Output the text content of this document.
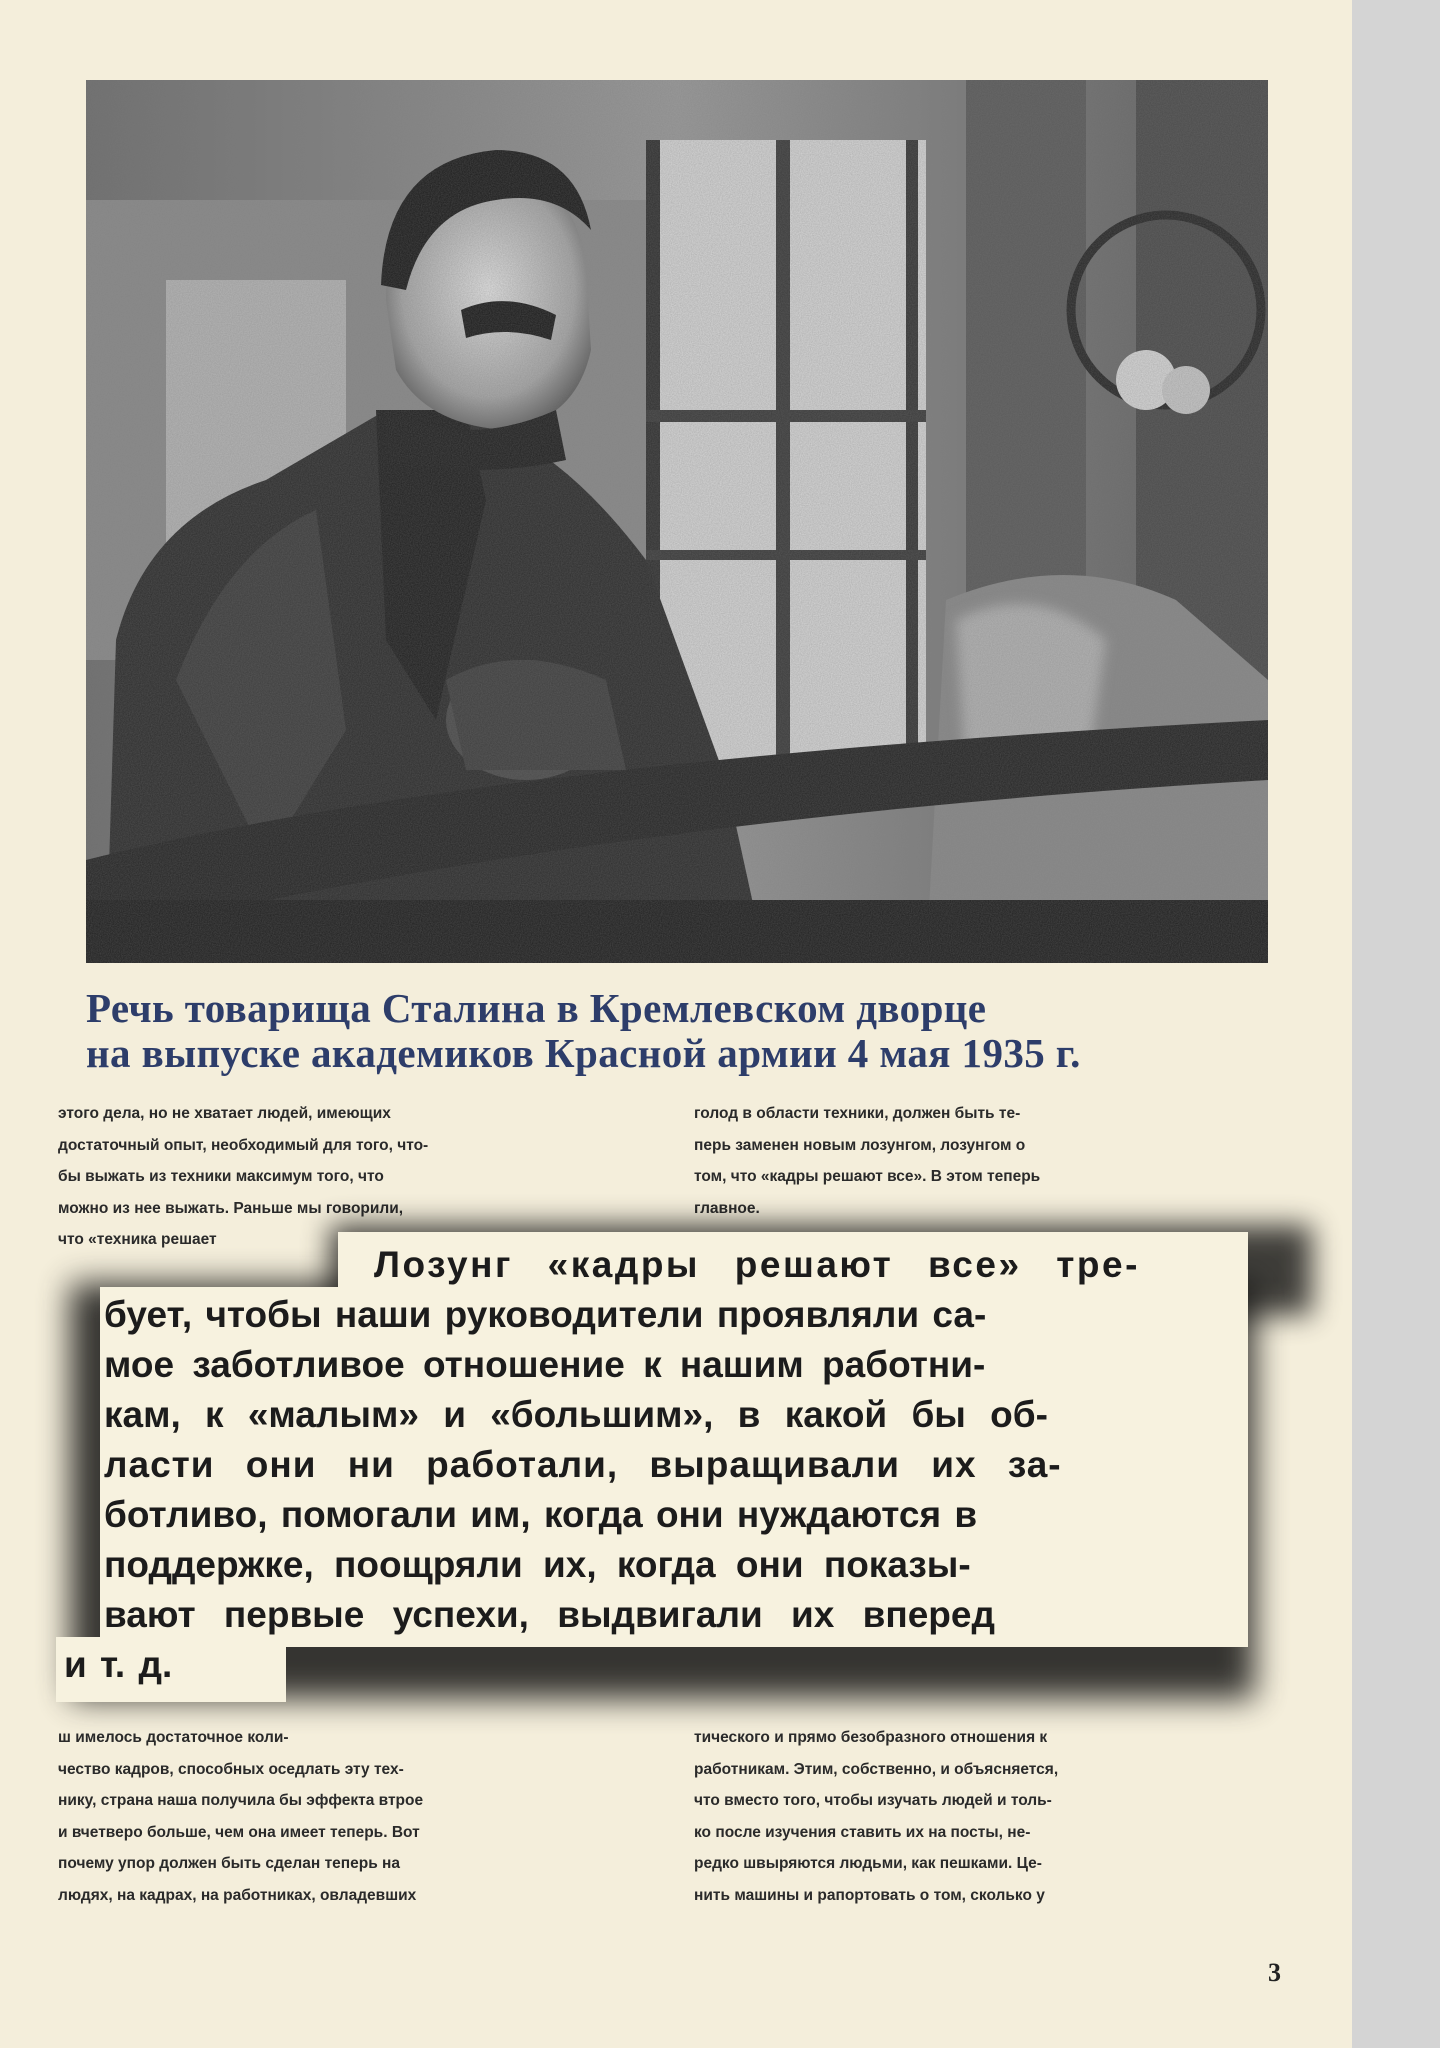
Речь товарища Сталина в Кремлевском дворце
на выпуске академиков Красной армии 4 мая 1935 г.

этого дела, но не хватает людей, имеющих

достаточный опыт, необходимый для того, что-

бы выжать из техники максимум того, что

можно из нее выжать. Раньше мы говорили,

что «техника решает

голод в области техники, должен быть те-

перь заменен новым лозунгом, лозунгом о

том, что «кадры решают все». В этом теперь

главное.

Лозунг «кадры решают все» тре-
бует, чтобы наши руководители проявляли са-
мое заботливое отношение к нашим работни-
кам, к «малым» и «большим», в какой бы об-
ласти они ни работали, выращивали их за-
ботливо, помогали им, когда они нуждаются в
поддержке, поощряли их, когда они показы-
вают первые успехи, выдвигали их вперед
и т. д.

ш имелось достаточное коли-

чество кадров, способных оседлать эту тех-

нику, страна наша получила бы эффекта втрое

и вчетверо больше, чем она имеет теперь. Вот

почему упор должен быть сделан теперь на

людях, на кадрах, на работниках, овладевших

тического и прямо безобразного отношения к

работникам. Этим, собственно, и объясняется,

что вместо того, чтобы изучать людей и толь-

ко после изучения ставить их на посты, не-

редко швыряются людьми, как пешками. Це-

нить машины и рапортовать о том, сколько у

3
